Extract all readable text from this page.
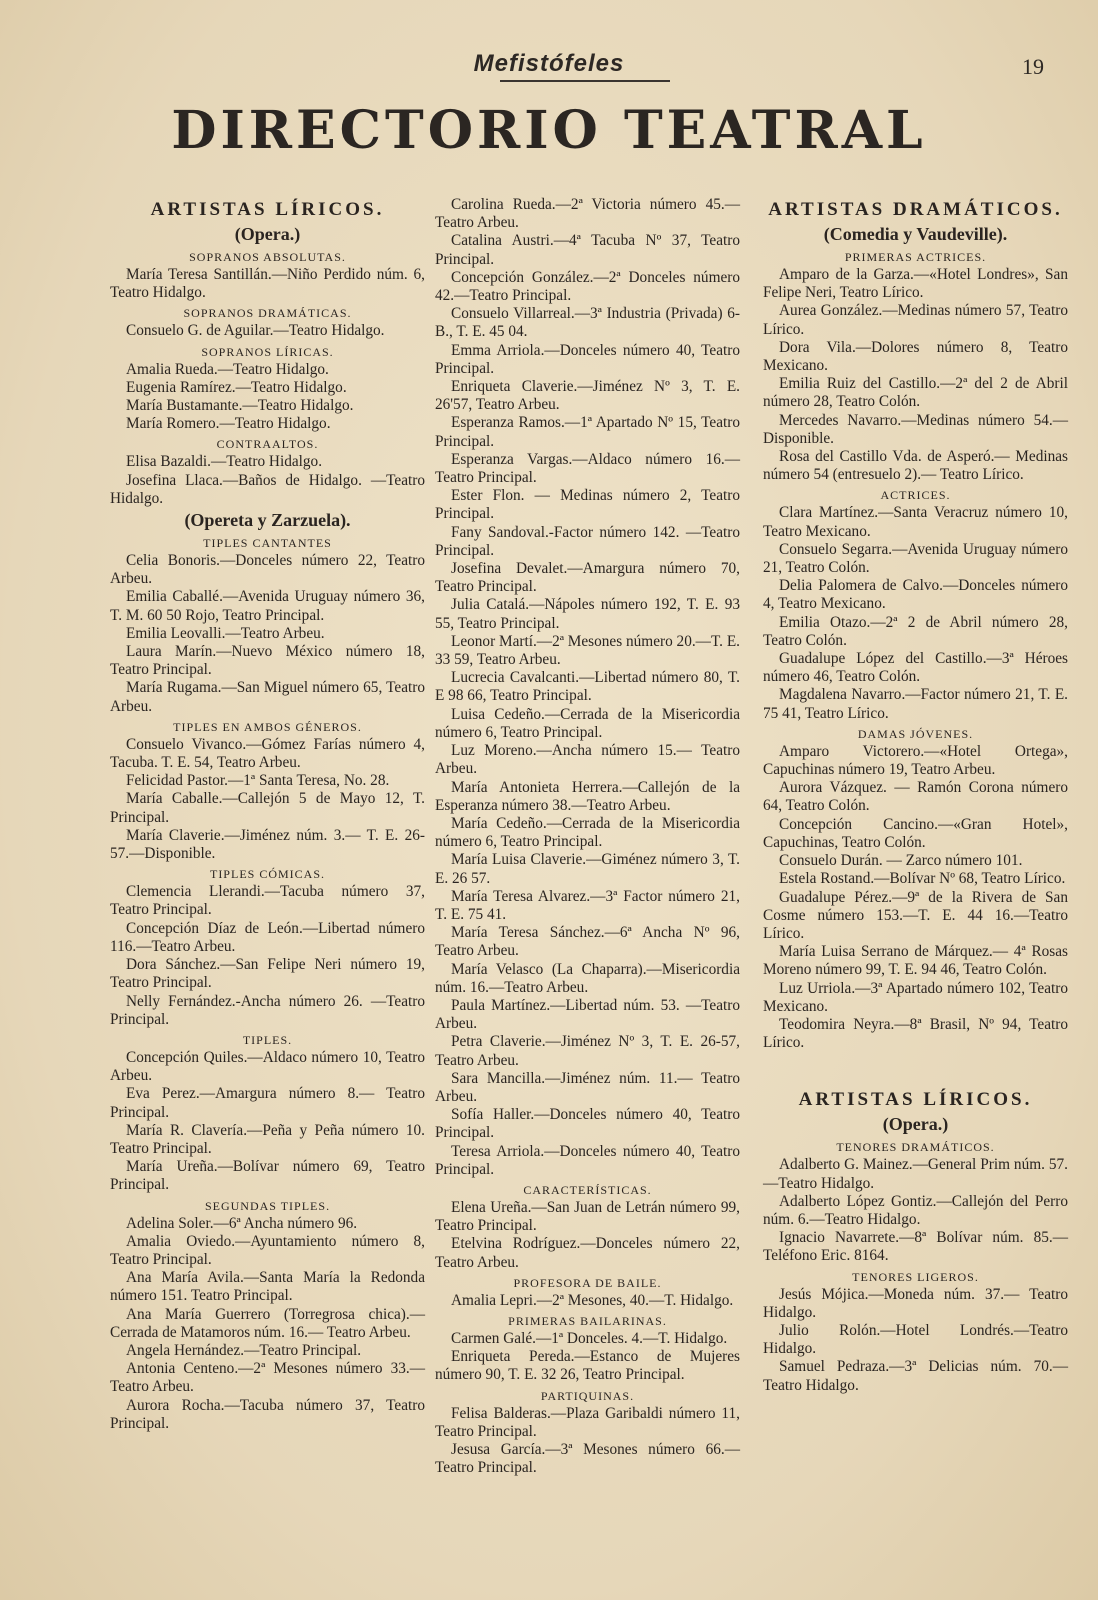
Mefistófeles	19
DIRECTORIO TEATRAL
ARTISTAS LÍRICOS.
(Opera.)
SOPRANOS ABSOLUTAS.
María Teresa Santillán.—Niño Perdido núm. 6, Teatro Hidalgo.
SOPRANOS DRAMÁTICAS.
Consuelo G. de Aguilar.—Teatro Hidalgo.
SOPRANOS LÍRICAS.
Amalia Rueda.—Teatro Hidalgo.
Eugenia Ramírez.—Teatro Hidalgo.
María Bustamante.—Teatro Hidalgo.
María Romero.—Teatro Hidalgo.
CONTRAALTOS.
Elisa Bazaldi.—Teatro Hidalgo.
Josefina Llaca.—Baños de Hidalgo. —Teatro Hidalgo.
(Opereta y Zarzuela).
TIPLES CANTANTES
Celia Bonoris.—Donceles número 22, Teatro Arbeu.
Emilia Caballé.—Avenida Uruguay número 36, T. M. 60 50 Rojo, Teatro Principal.
Emilia Leovalli.—Teatro Arbeu.
Laura Marín.—Nuevo México número 18, Teatro Principal.
María Rugama.—San Miguel número 65, Teatro Arbeu.
TIPLES EN AMBOS GÉNEROS.
Consuelo Vivanco.—Gómez Farías número 4, Tacuba. T. E. 54, Teatro Arbeu.
Felicidad Pastor.—1ª Santa Teresa, No. 28.
María Caballe.—Callejón 5 de Mayo 12, T. Principal.
María Claverie.—Jiménez núm. 3.— T. E. 26-57.—Disponible.
TIPLES CÓMICAS.
Clemencia Llerandi.—Tacuba número 37, Teatro Principal.
Concepción Díaz de León.—Libertad número 116.—Teatro Arbeu.
Dora Sánchez.—San Felipe Neri número 19, Teatro Principal.
Nelly Fernández.-Ancha número 26. —Teatro Principal.
TIPLES.
Concepción Quiles.—Aldaco número 10, Teatro Arbeu.
Eva Perez.—Amargura número 8.— Teatro Principal.
María R. Clavería.—Peña y Peña número 10. Teatro Principal.
María Ureña.—Bolívar número 69, Teatro Principal.
SEGUNDAS TIPLES.
Adelina Soler.—6ª Ancha número 96.
Amalia Oviedo.—Ayuntamiento número 8, Teatro Principal.
Ana María Avila.—Santa María la Redonda número 151. Teatro Principal.
Ana María Guerrero (Torregrosa chica).—Cerrada de Matamoros núm. 16.— Teatro Arbeu.
Angela Hernández.—Teatro Principal.
Antonia Centeno.—2ª Mesones número 33.—Teatro Arbeu.
Aurora Rocha.—Tacuba número 37, Teatro Principal.
Carolina Rueda.—2ª Victoria número 45.—Teatro Arbeu.
Catalina Austri.—4ª Tacuba Nº 37, Teatro Principal.
Concepción González.—2ª Donceles número 42.—Teatro Principal.
Consuelo Villarreal.—3ª Industria (Privada) 6-B., T. E. 45 04.
Emma Arriola.—Donceles número 40, Teatro Principal.
Enriqueta Claverie.—Jiménez Nº 3, T. E. 26'57, Teatro Arbeu.
Esperanza Ramos.—1ª Apartado Nº 15, Teatro Principal.
Esperanza Vargas.—Aldaco número 16.—Teatro Principal.
Ester Flon. — Medinas número 2, Teatro Principal.
Fany Sandoval.-Factor número 142. —Teatro Principal.
Josefina Devalet.—Amargura número 70, Teatro Principal.
Julia Catalá.—Nápoles número 192, T. E. 93 55, Teatro Principal.
Leonor Martí.—2ª Mesones número 20.—T. E. 33 59, Teatro Arbeu.
Lucrecia Cavalcanti.—Libertad número 80, T. E 98 66, Teatro Principal.
Luisa Cedeño.—Cerrada de la Misericordia número 6, Teatro Principal.
Luz Moreno.—Ancha número 15.— Teatro Arbeu.
María Antonieta Herrera.—Callejón de la Esperanza número 38.—Teatro Arbeu.
María Cedeño.—Cerrada de la Misericordia número 6, Teatro Principal.
María Luisa Claverie.—Giménez número 3, T. E. 26 57.
María Teresa Alvarez.—3ª Factor número 21, T. E. 75 41.
María Teresa Sánchez.—6ª Ancha Nº 96, Teatro Arbeu.
María Velasco (La Chaparra).—Misericordia núm. 16.—Teatro Arbeu.
Paula Martínez.—Libertad núm. 53. —Teatro Arbeu.
Petra Claverie.—Jiménez Nº 3, T. E. 26-57, Teatro Arbeu.
Sara Mancilla.—Jiménez núm. 11.— Teatro Arbeu.
Sofía Haller.—Donceles número 40, Teatro Principal.
Teresa Arriola.—Donceles número 40, Teatro Principal.
CARACTERÍSTICAS.
Elena Ureña.—San Juan de Letrán número 99, Teatro Principal.
Etelvina Rodríguez.—Donceles número 22, Teatro Arbeu.
PROFESORA DE BAILE.
Amalia Lepri.—2ª Mesones, 40.—T. Hidalgo.
PRIMERAS BAILARINAS.
Carmen Galé.—1ª Donceles. 4.—T. Hidalgo.
Enriqueta Pereda.—Estanco de Mujeres número 90, T. E. 32 26, Teatro Principal.
PARTIQUINAS.
Felisa Balderas.—Plaza Garibaldi número 11, Teatro Principal.
Jesusa García.—3ª Mesones número 66.—Teatro Principal.
ARTISTAS DRAMÁTICOS.
(Comedia y Vaudeville).
PRIMERAS ACTRICES.
Amparo de la Garza.—«Hotel Londres», San Felipe Neri, Teatro Lírico.
Aurea González.—Medinas número 57, Teatro Lírico.
Dora Vila.—Dolores número 8, Teatro Mexicano.
Emilia Ruiz del Castillo.—2ª del 2 de Abril número 28, Teatro Colón.
Mercedes Navarro.—Medinas número 54.—Disponible.
Rosa del Castillo Vda. de Asperó.— Medinas número 54 (entresuelo 2).— Teatro Lírico.
ACTRICES.
Clara Martínez.—Santa Veracruz número 10, Teatro Mexicano.
Consuelo Segarra.—Avenida Uruguay número 21, Teatro Colón.
Delia Palomera de Calvo.—Donceles número 4, Teatro Mexicano.
Emilia Otazo.—2ª 2 de Abril número 28, Teatro Colón.
Guadalupe López del Castillo.—3ª Héroes número 46, Teatro Colón.
Magdalena Navarro.—Factor número 21, T. E. 75 41, Teatro Lírico.
DAMAS JÓVENES.
Amparo Victorero.—«Hotel Ortega», Capuchinas número 19, Teatro Arbeu.
Aurora Vázquez. — Ramón Corona número 64, Teatro Colón.
Concepción Cancino.—«Gran Hotel», Capuchinas, Teatro Colón.
Consuelo Durán. — Zarco número 101.
Estela Rostand.—Bolívar Nº 68, Teatro Lírico.
Guadalupe Pérez.—9ª de la Rivera de San Cosme número 153.—T. E. 44 16.—Teatro Lírico.
María Luisa Serrano de Márquez.— 4ª Rosas Moreno número 99, T. E. 94 46, Teatro Colón.
Luz Urriola.—3ª Apartado número 102, Teatro Mexicano.
Teodomira Neyra.—8ª Brasil, Nº 94, Teatro Lírico.
ARTISTAS LÍRICOS.
(Opera.)
TENORES DRAMÁTICOS.
Adalberto G. Mainez.—General Prim núm. 57.—Teatro Hidalgo.
Adalberto López Gontiz.—Callejón del Perro núm. 6.—Teatro Hidalgo.
Ignacio Navarrete.—8ª Bolívar núm. 85.—Teléfono Eric. 8164.
TENORES LIGEROS.
Jesús Mójica.—Moneda núm. 37.— Teatro Hidalgo.
Julio Rolón.—Hotel Londrés.—Teatro Hidalgo.
Samuel Pedraza.—3ª Delicias núm. 70.—Teatro Hidalgo.
